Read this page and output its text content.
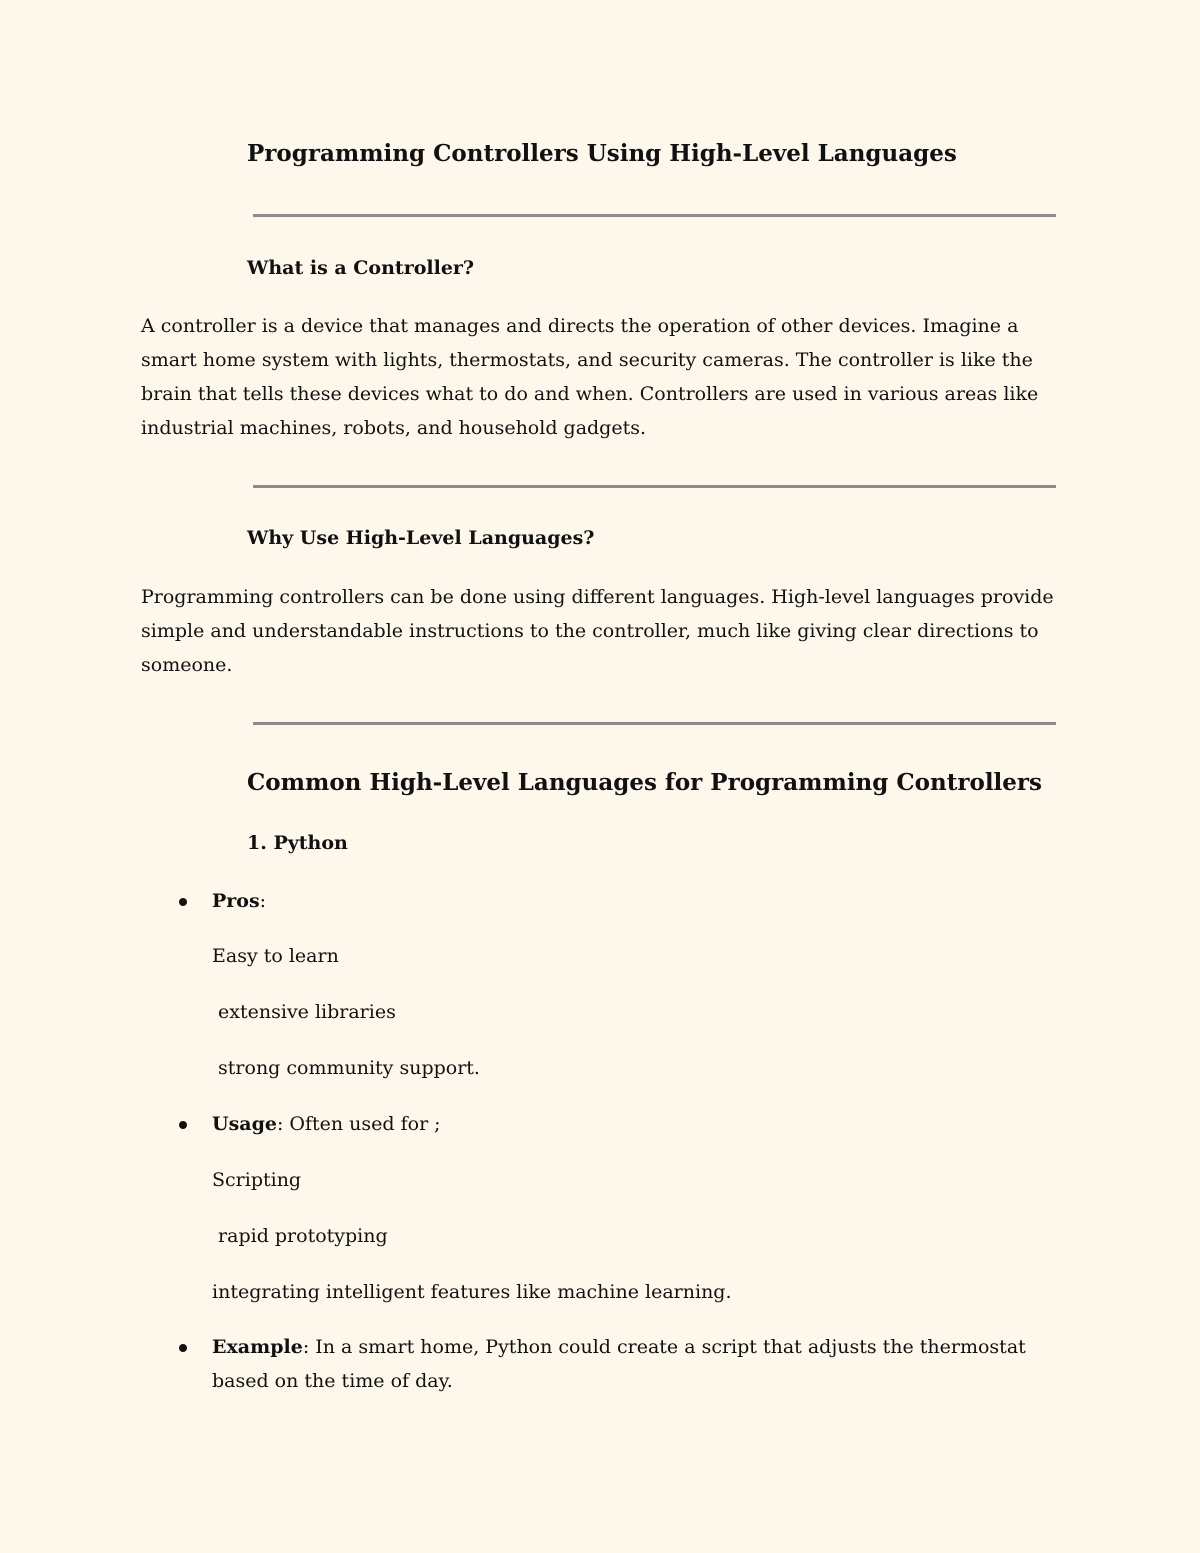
Programming Controllers Using High-Level Languages
What is a Controller?

A controller is a device that manages and directs the operation of other devices. Imagine a smart home system with lights, thermostats, and security cameras. The controller is like the brain that tells these devices what to do and when. Controllers are used in various areas like industrial machines, robots, and household gadgets.

Why Use High-Level Languages?

Programming controllers can be done using different languages. High-level languages provide simple and understandable instructions to the controller, much like giving clear directions to someone.

Common High-Level Languages for Programming Controllers
1. Python
Pros:
Easy to learn
extensive libraries
strong community support.
Usage: Often used for ;
Scripting
rapid prototyping
integrating intelligent features like machine learning.
Example: In a smart home, Python could create a script that adjusts the thermostat based on the time of day.
